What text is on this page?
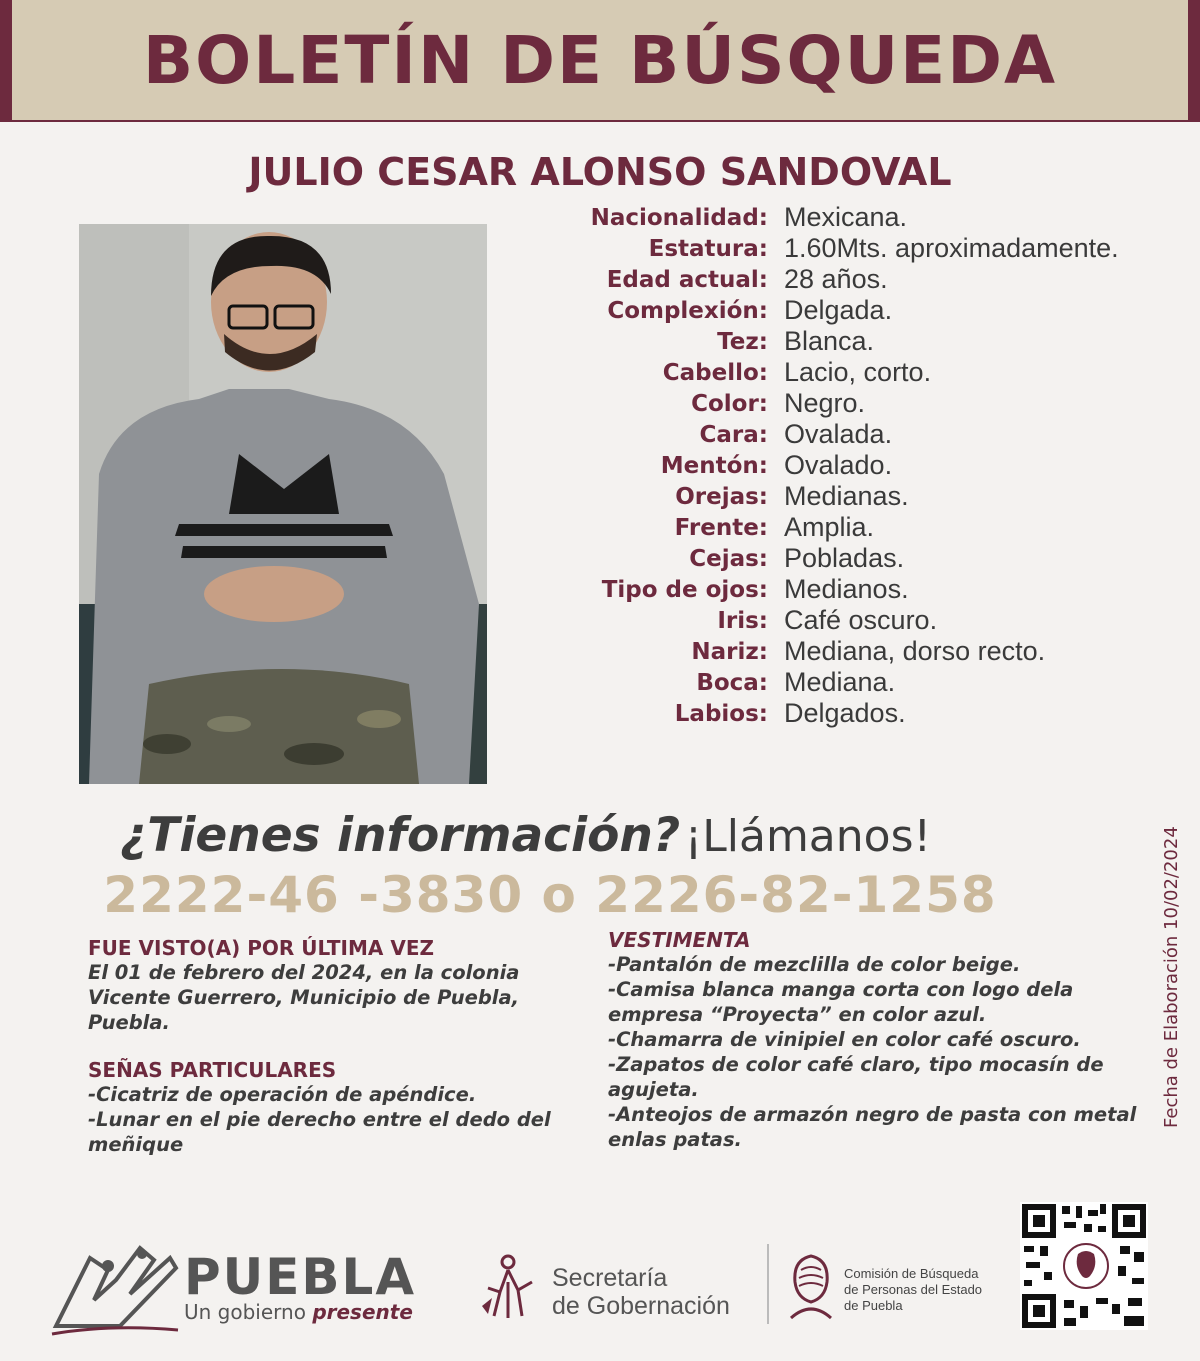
BOLETÍN DE BÚSQUEDA
JULIO CESAR ALONSO SANDOVAL
Nacionalidad: Mexicana.
Estatura: 1.60Mts. aproximadamente.
Edad actual: 28 años.
Complexión: Delgada.
Tez: Blanca.
Cabello: Lacio, corto.
Color: Negro.
Cara: Ovalada.
Mentón: Ovalado.
Orejas: Medianas.
Frente: Amplia.
Cejas: Pobladas.
Tipo de ojos: Medianos.
Iris: Café oscuro.
Nariz: Mediana, dorso recto.
Boca: Mediana.
Labios: Delgados.
¿Tienes información? ¡Llámanos!
2222-46 -3830 o 2226-82-1258
FUE VISTO(A) POR ÚLTIMA VEZ
El 01 de febrero del 2024, en la colonia
Vicente Guerrero, Municipio de Puebla,
Puebla.
SEÑAS PARTICULARES
-Cicatriz de operación de apéndice.
-Lunar en el pie derecho entre el dedo del meñique
VESTIMENTA
-Pantalón de mezclilla de color beige.
-Camisa blanca manga corta con logo dela empresa “Proyecta” en color azul.
-Chamarra de vinipiel en color café oscuro.
-Zapatos de color café claro, tipo mocasín de agujeta.
-Anteojos de armazón negro de pasta con metal enlas patas.
Fecha de Elaboración 10/02/2024
PUEBLA
Un gobierno presente
Secretaría
de Gobernación
Comisión de Búsqueda
de Personas del Estado
de Puebla
